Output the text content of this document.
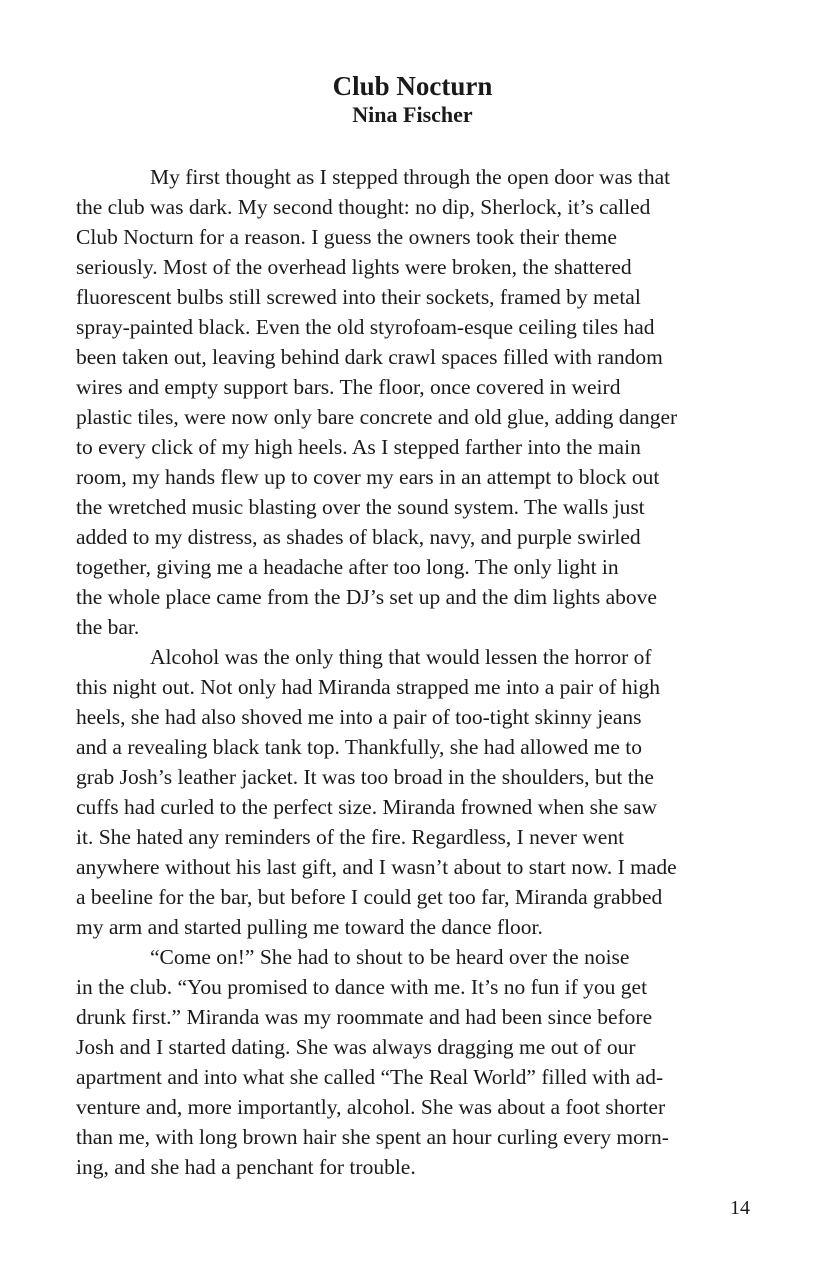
Club Nocturn
Nina Fischer
My first thought as I stepped through the open door was that
the club was dark. My second thought: no dip, Sherlock, it’s called
Club Nocturn for a reason. I guess the owners took their theme
seriously. Most of the overhead lights were broken, the shattered
fluorescent bulbs still screwed into their sockets, framed by metal
spray-painted black. Even the old styrofoam-esque ceiling tiles had
been taken out, leaving behind dark crawl spaces filled with random
wires and empty support bars. The floor, once covered in weird
plastic tiles, were now only bare concrete and old glue, adding danger
to every click of my high heels. As I stepped farther into the main
room, my hands flew up to cover my ears in an attempt to block out
the wretched music blasting over the sound system. The walls just
added to my distress, as shades of black, navy, and purple swirled
together, giving me a headache after too long. The only light in
the whole place came from the DJ’s set up and the dim lights above
the bar.
Alcohol was the only thing that would lessen the horror of
this night out. Not only had Miranda strapped me into a pair of high
heels, she had also shoved me into a pair of too-tight skinny jeans
and a revealing black tank top. Thankfully, she had allowed me to
grab Josh’s leather jacket. It was too broad in the shoulders, but the
cuffs had curled to the perfect size. Miranda frowned when she saw
it. She hated any reminders of the fire. Regardless, I never went
anywhere without his last gift, and I wasn’t about to start now. I made
a beeline for the bar, but before I could get too far, Miranda grabbed
my arm and started pulling me toward the dance floor.
“Come on!” She had to shout to be heard over the noise
in the club. “You promised to dance with me. It’s no fun if you get
drunk first.” Miranda was my roommate and had been since before
Josh and I started dating. She was always dragging me out of our
apartment and into what she called “The Real World” filled with ad-
venture and, more importantly, alcohol. She was about a foot shorter
than me, with long brown hair she spent an hour curling every morn-
ing, and she had a penchant for trouble.
14
